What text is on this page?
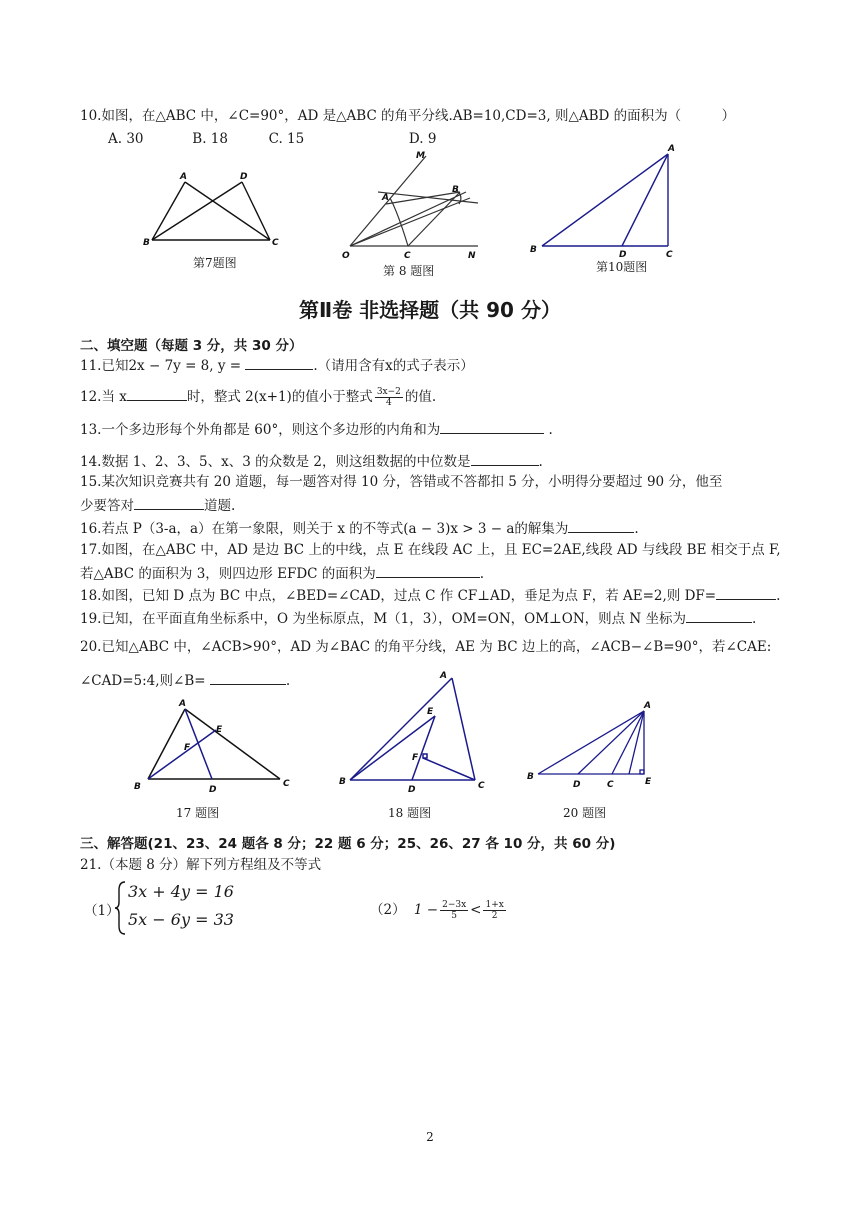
10.如图，在△ABC 中，∠C=90°，AD 是△ABC 的角平分线.AB=10,CD=3, 则△ABD 的面积为（　　　）
A. 30	B. 18	C. 15	D. 9
A	D
B	C
第7题图
M
A
B
O	C	N
第 8 题图
A
B	D	C
第10题图
第Ⅱ卷 非选择题（共 90 分）
二、填空题（每题 3 分，共 30 分）
11.已知2x − 7y = 8, y =	.（请用含有x的式子表示）
12.当 x	时，整式 2(x+1)的值小于整式 $\frac{3x-2}{4}$ 的值.
13.一个多边形每个外角都是 60°，则这个多边形的内角和为	.
14.数据 1、2、3、5、x、3 的众数是 2，则这组数据的中位数是	.
15.某次知识竞赛共有 20 道题，每一题答对得 10 分，答错或不答都扣 5 分，小明得分要超过 90 分，他至
少要答对	道题.
16.若点 P（3-a，a）在第一象限，则关于 x 的不等式(a − 3)x > 3 − a的解集为	.
17.如图，在△ABC 中，AD 是边 BC 上的中线，点 E 在线段 AC 上，且 EC=2AE,线段 AD 与线段 BE 相交于点 F,
若△ABC 的面积为 3，则四边形 EFDC 的面积为	.
18.如图，已知 D 点为 BC 中点，∠BED=∠CAD，过点 C 作 CF⊥AD，垂足为点 F，若 AE=2,则 DF=	.
19.已知，在平面直角坐标系中，O 为坐标原点，M（1，3），OM=ON，OM⊥ON，则点 N 坐标为	.
20.已知△ABC 中，∠ACB>90°，AD 为∠BAC 的角平分线，AE 为 BC 边上的高，∠ACB−∠B=90°，若∠CAE:
∠CAD=5:4,则∠B=	.
A
E
F
B	D
C
17 题图
A
E
F
B
D	C
18 题图
A
B
D	C	E
20 题图
三、解答题(21、23、24 题各 8 分；22 题 6 分；25、26、27 各 10 分，共 60 分)
21.（本题 8 分）解下列方程组及不等式
（1）
3x + 4y = 16
5x − 6y = 33	（2） $1 - \frac{2-3x}{5} < \frac{1+x}{2}$
2
